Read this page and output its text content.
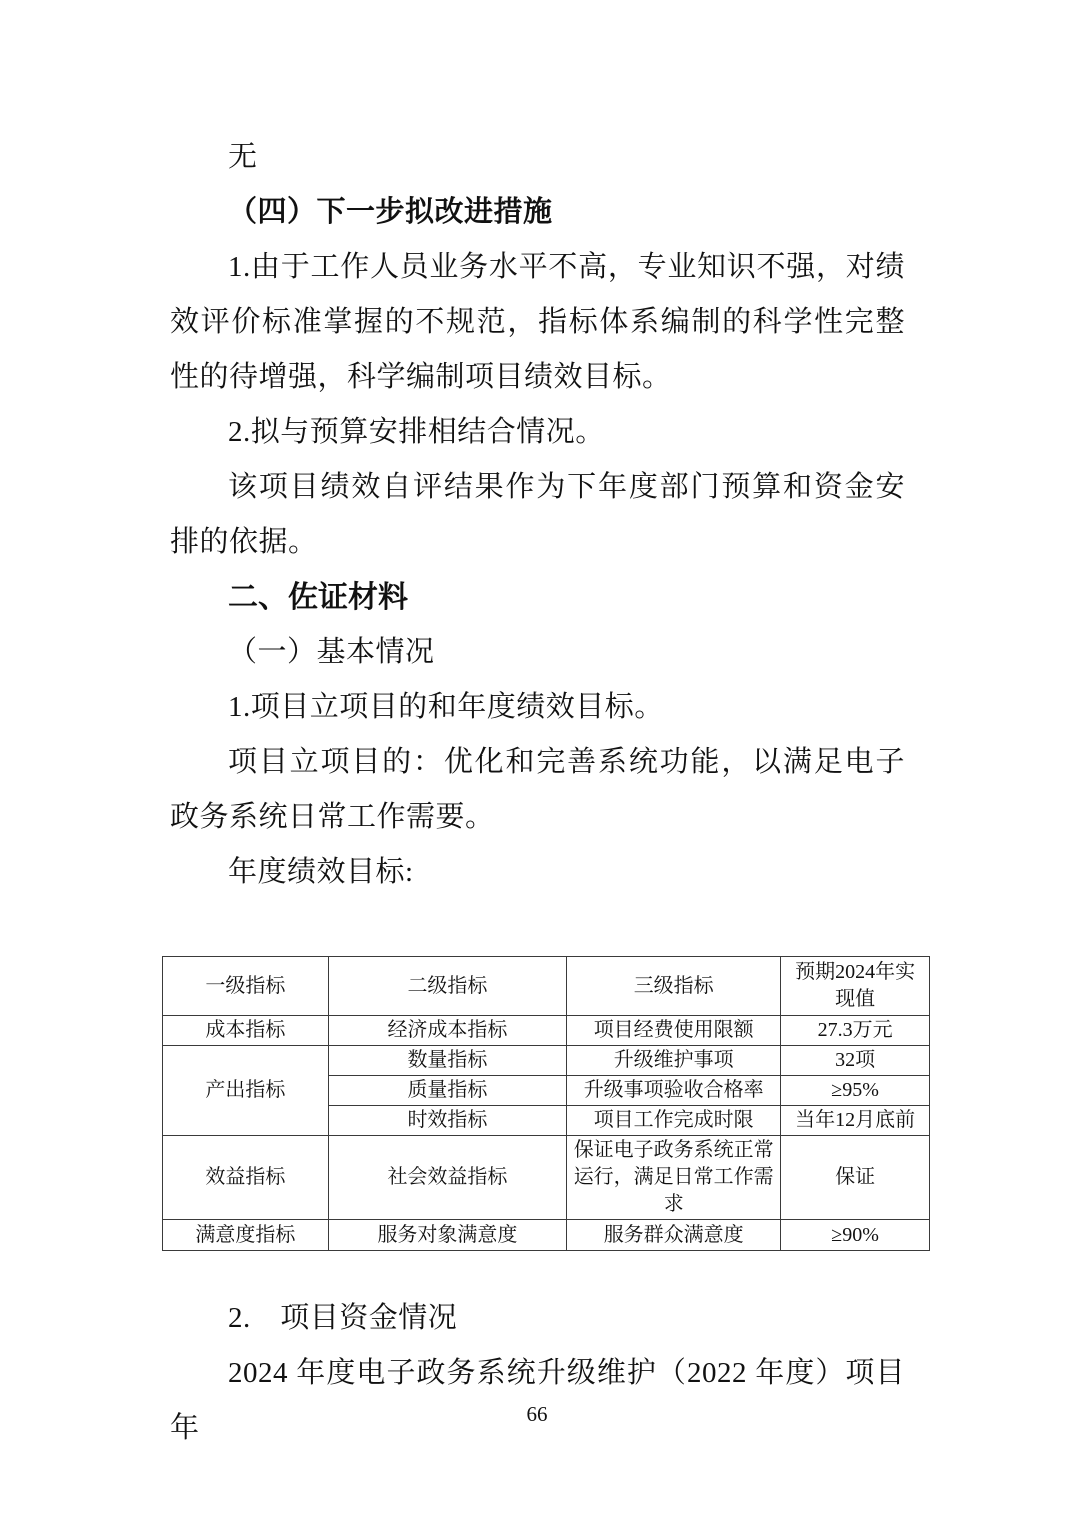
无

（四）下一步拟改进措施

1.由于工作人员业务水平不高，专业知识不强，对绩效评价标准掌握的不规范，指标体系编制的科学性完整性的待增强，科学编制项目绩效目标。

2.拟与预算安排相结合情况。

该项目绩效自评结果作为下年度部门预算和资金安排的依据。

二、佐证材料

（一）基本情况

1.项目立项目的和年度绩效目标。

项目立项目的：优化和完善系统功能，以满足电子政务系统日常工作需要。

年度绩效目标:

一级指标	二级指标	三级指标	预期2024年实现值
成本指标	经济成本指标	项目经费使用限额	27.3万元
产出指标	数量指标	升级维护事项	32项
	质量指标	升级事项验收合格率	≥95%
	时效指标	项目工作完成时限	当年12月底前
效益指标	社会效益指标	保证电子政务系统正常运行，满足日常工作需求	保证
满意度指标	服务对象满意度	服务群众满意度	≥90%

2.　项目资金情况

2024 年度电子政务系统升级维护（2022 年度）项目年	66
